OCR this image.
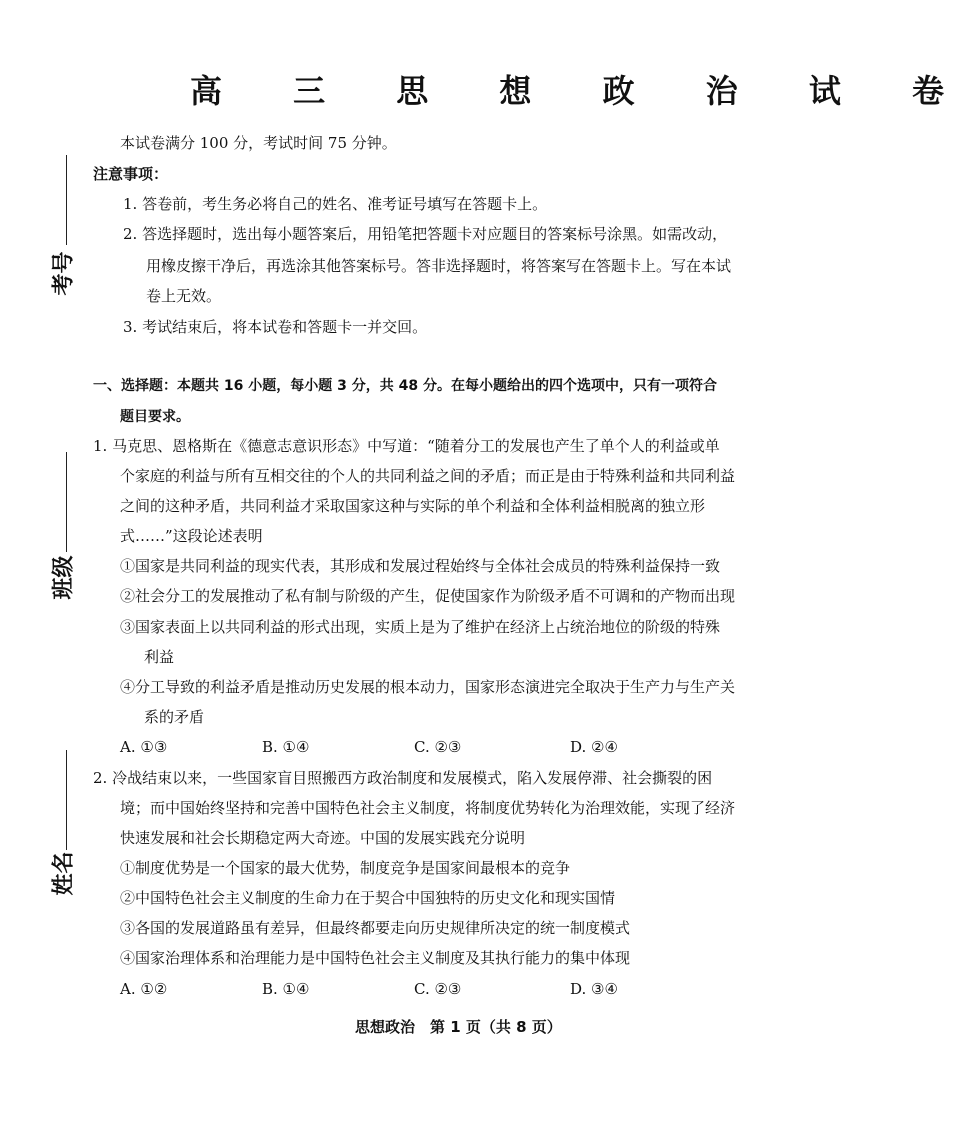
高 三 思 想 政 治 试 卷
考号
班级
姓名
本试卷满分 100 分，考试时间 75 分钟。
注意事项：
1. 答卷前，考生务必将自己的姓名、准考证号填写在答题卡上。
2. 答选择题时，选出每小题答案后，用铅笔把答题卡对应题目的答案标号涂黑。如需改动，
用橡皮擦干净后，再选涂其他答案标号。答非选择题时，将答案写在答题卡上。写在本试
卷上无效。
3. 考试结束后，将本试卷和答题卡一并交回。
一、选择题：本题共 16 小题，每小题 3 分，共 48 分。在每小题给出的四个选项中，只有一项符合
题目要求。
1. 马克思、恩格斯在《德意志意识形态》中写道：“随着分工的发展也产生了单个人的利益或单
个家庭的利益与所有互相交往的个人的共同利益之间的矛盾；而正是由于特殊利益和共同利益
之间的这种矛盾，共同利益才采取国家这种与实际的单个利益和全体利益相脱离的独立形
式……”这段论述表明
①国家是共同利益的现实代表，其形成和发展过程始终与全体社会成员的特殊利益保持一致
②社会分工的发展推动了私有制与阶级的产生，促使国家作为阶级矛盾不可调和的产物而出现
③国家表面上以共同利益的形式出现，实质上是为了维护在经济上占统治地位的阶级的特殊
利益
④分工导致的利益矛盾是推动历史发展的根本动力，国家形态演进完全取决于生产力与生产关
系的矛盾
A. ①③	B. ①④	C. ②③	D. ②④
2. 冷战结束以来，一些国家盲目照搬西方政治制度和发展模式，陷入发展停滞、社会撕裂的困
境；而中国始终坚持和完善中国特色社会主义制度，将制度优势转化为治理效能，实现了经济
快速发展和社会长期稳定两大奇迹。中国的发展实践充分说明
①制度优势是一个国家的最大优势，制度竞争是国家间最根本的竞争
②中国特色社会主义制度的生命力在于契合中国独特的历史文化和现实国情
③各国的发展道路虽有差异，但最终都要走向历史规律所决定的统一制度模式
④国家治理体系和治理能力是中国特色社会主义制度及其执行能力的集中体现
A. ①②	B. ①④	C. ②③	D. ③④
思想政治　第 1 页（共 8 页）
